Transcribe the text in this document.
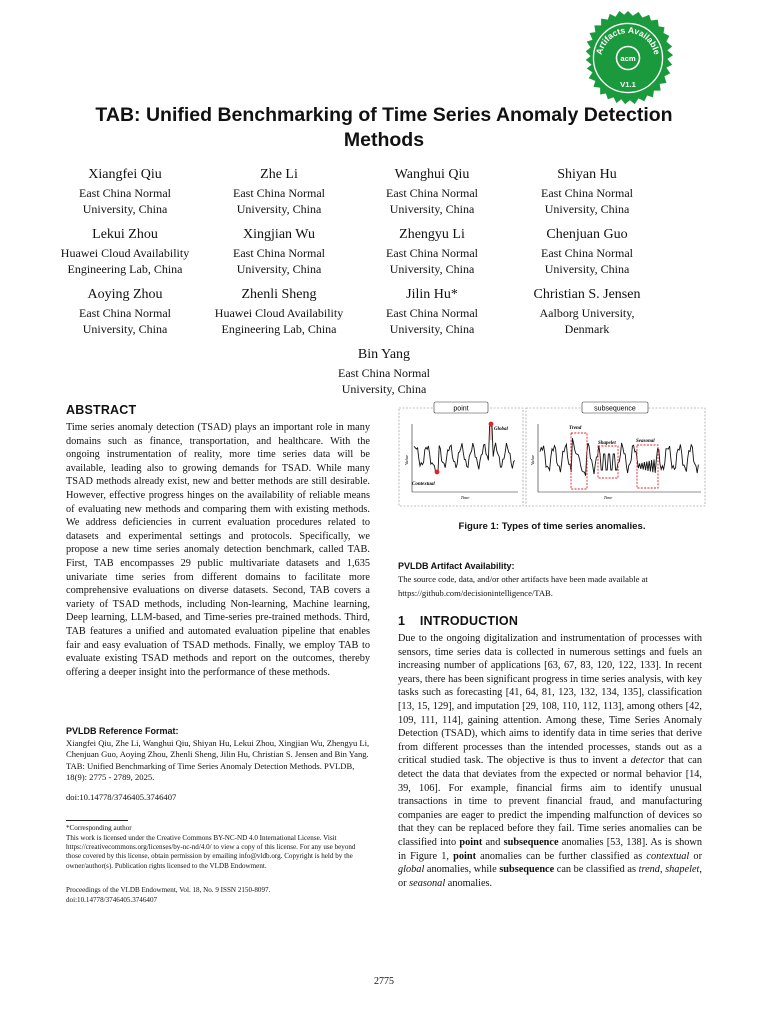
acm
Artifacts Available
V1.1
TAB: Unified Benchmarking of Time Series Anomaly Detection Methods
Xiangfei Qiu
East China Normal
University, China
Zhe Li
East China Normal
University, China
Wanghui Qiu
East China Normal
University, China
Shiyan Hu
East China Normal
University, China
Lekui Zhou
Huawei Cloud Availability
Engineering Lab, China
Xingjian Wu
East China Normal
University, China
Zhengyu Li
East China Normal
University, China
Chenjuan Guo
East China Normal
University, China
Aoying Zhou
East China Normal
University, China
Zhenli Sheng
Huawei Cloud Availability
Engineering Lab, China
Jilin Hu*
East China Normal
University, China
Christian S. Jensen
Aalborg University,
Denmark
Bin Yang
East China Normal
University, China
ABSTRACT
Time series anomaly detection (TSAD) plays an important role in many domains such as finance, transportation, and healthcare. With the ongoing instrumentation of reality, more time series data will be available, leading also to growing demands for TSAD. While many TSAD methods already exist, new and better methods are still desirable. However, effective progress hinges on the availability of reliable means of evaluating new methods and comparing them with existing methods. We address deficiencies in current evaluation procedures related to datasets and experimental settings and protocols. Specifically, we propose a new time series anomaly detection benchmark, called TAB. First, TAB encompasses 29 public multivariate datasets and 1,635 univariate time series from different domains to facilitate more comprehensive evaluations on diverse datasets. Second, TAB covers a variety of TSAD methods, including Non-learning, Machine learning, Deep learning, LLM-based, and Time-series pre-trained methods. Third, TAB features a unified and automated evaluation pipeline that enables fair and easy evaluation of TSAD methods. Finally, we employ TAB to evaluate existing TSAD methods and report on the outcomes, thereby offering a deeper insight into the performance of these methods.
PVLDB Reference Format:
Xiangfei Qiu, Zhe Li, Wanghui Qiu, Shiyan Hu, Lekui Zhou, Xingjian Wu, Zhengyu Li, Chenjuan Guo, Aoying Zhou, Zhenli Sheng, Jilin Hu, Christian S. Jensen and Bin Yang. TAB: Unified Benchmarking of Time Series Anomaly Detection Methods. PVLDB, 18(9): 2775 - 2789, 2025.
doi:10.14778/3746405.3746407
*Corresponding author
This work is licensed under the Creative Commons BY-NC-ND 4.0 International License. Visit https://creativecommons.org/licenses/by-nc-nd/4.0/ to view a copy of this license. For any use beyond those covered by this license, obtain permission by emailing info@vldb.org. Copyright is held by the owner/author(s). Publication rights licensed to the VLDB Endowment.
Proceedings of the VLDB Endowment, Vol. 18, No. 9 ISSN 2150-8097.
doi:10.14778/3746405.3746407
point
Value
Time
Global
Contextual
subsequence
Value
Time
Trend
Shapelet	Seasonal
Figure 1: Types of time series anomalies.
PVLDB Artifact Availability:
The source code, data, and/or other artifacts have been made available at
https://github.com/decisionintelligence/TAB.
1 INTRODUCTION
Due to the ongoing digitalization and instrumentation of processes with sensors, time series data is collected in numerous settings and fuels an increasing number of applications [63, 67, 83, 120, 122, 133]. In recent years, there has been significant progress in time series analysis, with key tasks such as forecasting [41, 64, 81, 123, 132, 134, 135], classification [13, 15, 129], and imputation [29, 108, 110, 112, 113], among others [42, 109, 111, 114], gaining attention. Among these, Time Series Anomaly Detection (TSAD), which aims to identify data in time series that derive from different processes than the intended processes, stands out as a critical studied task. The objective is thus to invent a detector that can detect the data that deviates from the expected or normal behavior [14, 39, 106]. For example, financial firms aim to identify unusual transactions in time to prevent financial fraud, and manufacturing companies are eager to predict the impending malfunction of devices so that they can be replaced before they fail. Time series anomalies can be classified into point and subsequence anomalies [53, 138]. As is shown in Figure 1, point anomalies can be further classified as contextual or global anomalies, while subsequence can be classified as trend, shapelet, or seasonal anomalies.
2775
